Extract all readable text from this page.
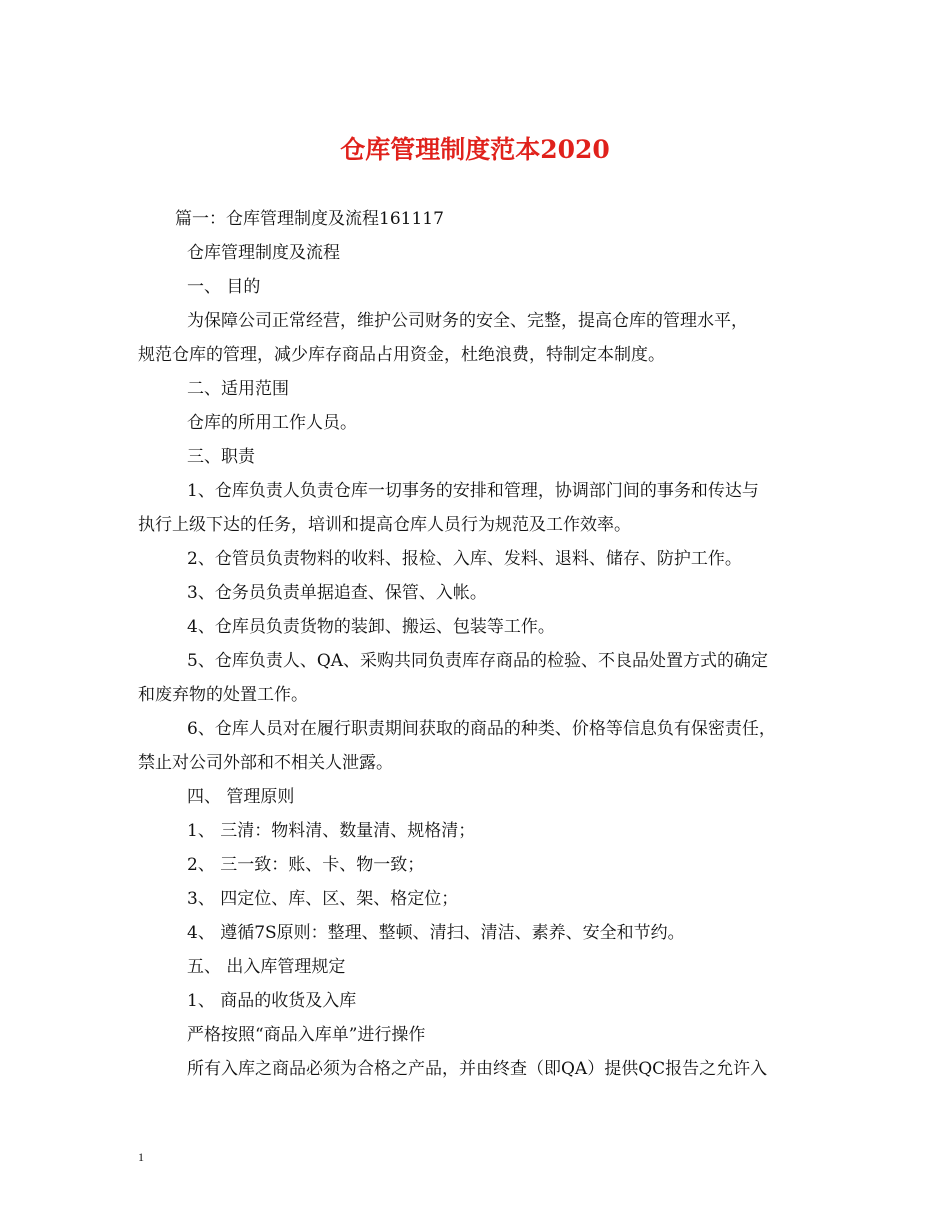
仓库管理制度范本2020
篇一：仓库管理制度及流程161117
仓库管理制度及流程
一、 目的
为保障公司正常经营，维护公司财务的安全、完整，提高仓库的管理水平，
规范仓库的管理，减少库存商品占用资金，杜绝浪费，特制定本制度。
二、适用范围
仓库的所用工作人员。
三、职责
1、仓库负责人负责仓库一切事务的安排和管理，协调部门间的事务和传达与
执行上级下达的任务，培训和提高仓库人员行为规范及工作效率。
2、仓管员负责物料的收料、报检、入库、发料、退料、储存、防护工作。
3、仓务员负责单据追查、保管、入帐。
4、仓库员负责货物的装卸、搬运、包装等工作。
5、仓库负责人、QA、采购共同负责库存商品的检验、不良品处置方式的确定
和废弃物的处置工作。
6、仓库人员对在履行职责期间获取的商品的种类、价格等信息负有保密责任，
禁止对公司外部和不相关人泄露。
四、 管理原则
1、 三清：物料清、数量清、规格清；
2、 三一致：账、卡、物一致；
3、 四定位、库、区、架、格定位；
4、 遵循7S原则：整理、整顿、清扫、清洁、素养、安全和节约。
五、 出入库管理规定
1、 商品的收货及入库
严格按照“商品入库单”进行操作
所有入库之商品必须为合格之产品，并由终查（即QA）提供QC报告之允许入
1
